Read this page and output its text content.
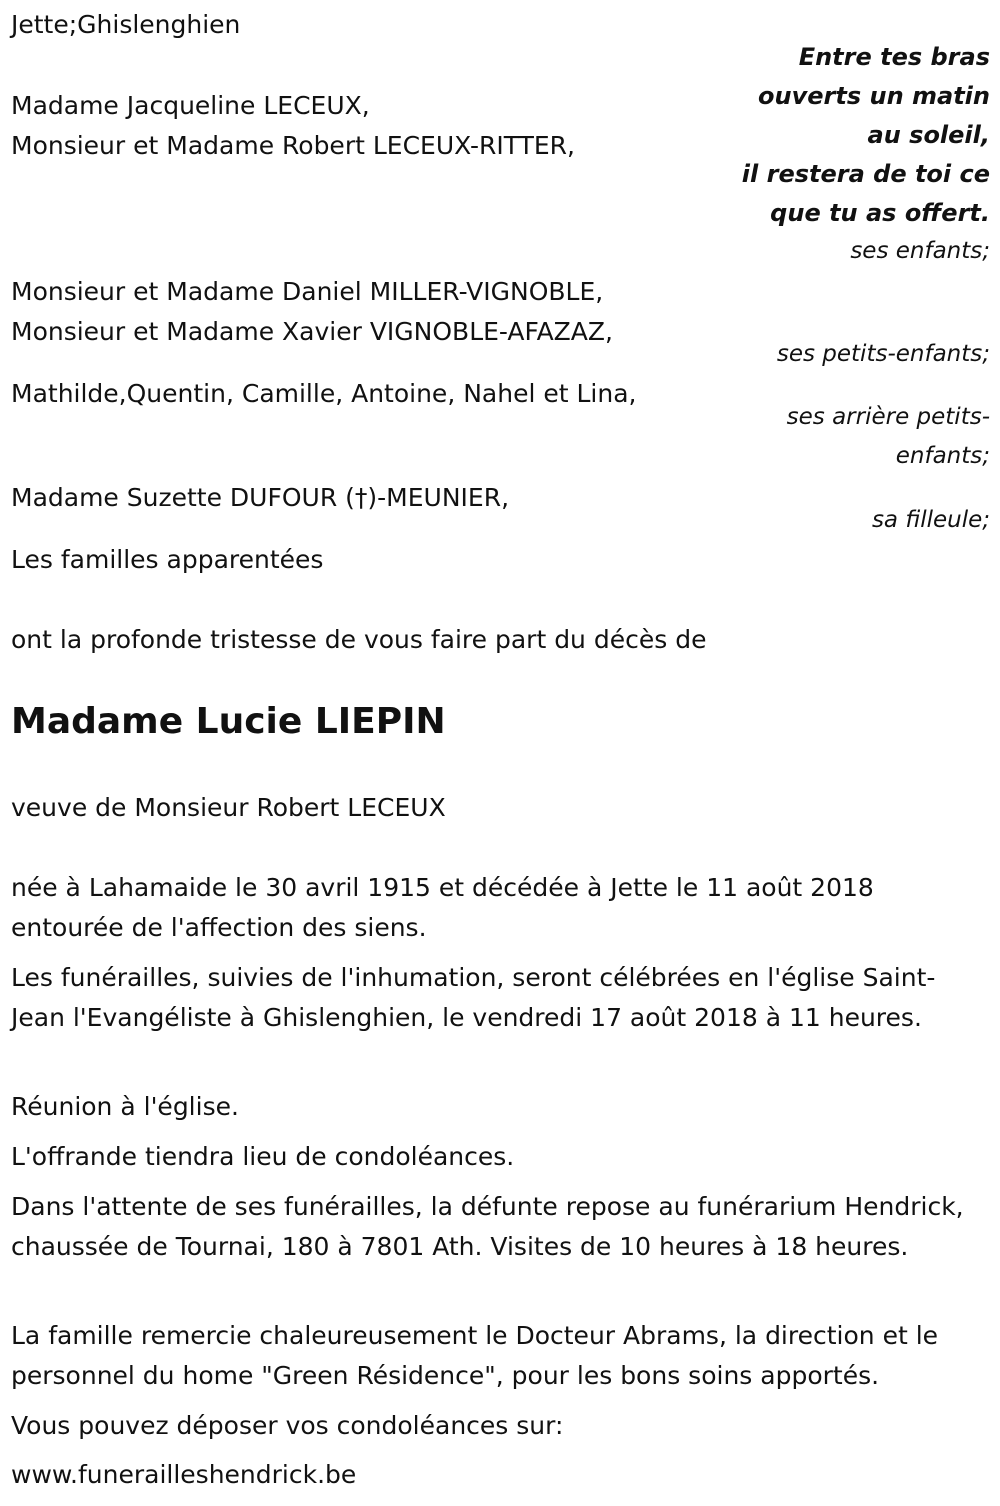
Jette;Ghislenghien

Entre tes bras
ouverts un matin
au soleil,
il restera de toi ce
que tu as offert.

Madame Jacqueline LECEUX,

Monsieur et Madame Robert LECEUX-RITTER,

ses enfants;

Monsieur et Madame Daniel MILLER-VIGNOBLE,

Monsieur et Madame Xavier VIGNOBLE-AFAZAZ,

ses petits-enfants;

Mathilde,Quentin, Camille, Antoine, Nahel et Lina,

ses arrière petits-enfants;

Madame Suzette DUFOUR (†)-MEUNIER,

sa filleule;

Les familles apparentées

ont la profonde tristesse de vous faire part du décès de

Madame Lucie LIEPIN

veuve de Monsieur Robert LECEUX

née à Lahamaide le 30 avril 1915 et décédée à Jette le 11 août 2018 entourée de l'affection des siens.

Les funérailles, suivies de l'inhumation, seront célébrées en l'église Saint-Jean l'Evangéliste à Ghislenghien, le vendredi 17 août 2018 à 11 heures.

Réunion à l'église.

L'offrande tiendra lieu de condoléances.

Dans l'attente de ses funérailles, la défunte repose au funérarium Hendrick, chaussée de Tournai, 180 à 7801 Ath. Visites de 10 heures à 18 heures.

La famille remercie chaleureusement le Docteur Abrams, la direction et le personnel du home "Green Résidence", pour les bons soins apportés.

Vous pouvez déposer vos condoléances sur:

www.funerailleshendrick.be
